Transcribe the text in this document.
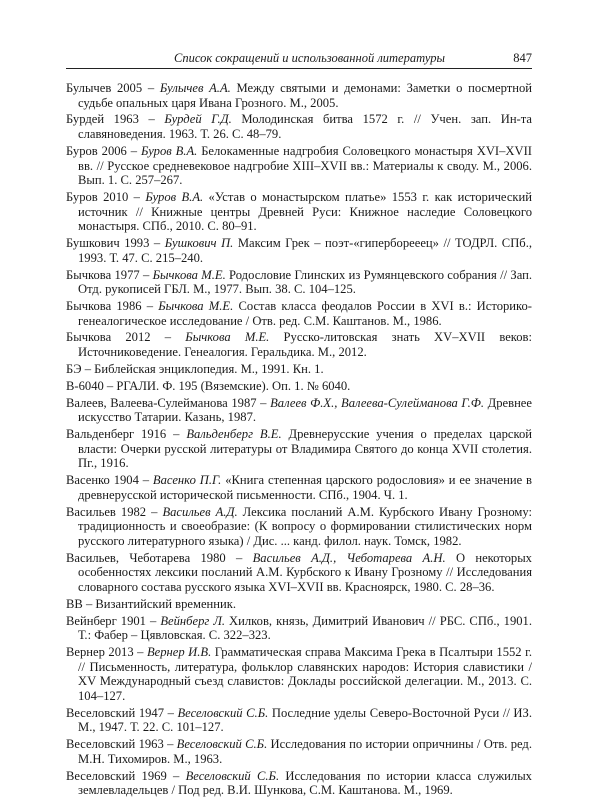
Список сокращений и использованной литературы	847

Булычев 2005 – Булычев А.А. Между святыми и демонами: Заметки о посмертной судьбе опальных царя Ивана Грозного. М., 2005.

Бурдей 1963 – Бурдей Г.Д. Молодинская битва 1572 г. // Учен. зап. Ин-та славяноведения. 1963. Т. 26. С. 48–79.

Буров 2006 – Буров В.А. Белокаменные надгробия Соловецкого монастыря XVI–XVII вв. // Русское средневековое надгробие XIII–XVII вв.: Материалы к своду. М., 2006. Вып. 1. С. 257–267.

Буров 2010 – Буров В.А. «Устав о монастырском платье» 1553 г. как исторический источник // Книжные центры Древней Руси: Книжное наследие Соловецкого монастыря. СПб., 2010. С. 80–91.

Бушкович 1993 – Бушкович П. Максим Грек – поэт-«гиперборееец» // ТОДРЛ. СПб., 1993. Т. 47. С. 215–240.

Бычкова 1977 – Бычкова М.Е. Родословие Глинских из Румянцевского собрания // Зап. Отд. рукописей ГБЛ. М., 1977. Вып. 38. С. 104–125.

Бычкова 1986 – Бычкова М.Е. Состав класса феодалов России в XVI в.: Историко-генеалогическое исследование / Отв. ред. С.М. Каштанов. М., 1986.

Бычкова 2012 – Бычкова М.Е. Русско-литовская знать XV–XVII веков: Источниковедение. Генеалогия. Геральдика. М., 2012.

БЭ – Библейская энциклопедия. М., 1991. Кн. 1.

В-6040 – РГАЛИ. Ф. 195 (Вяземские). Оп. 1. № 6040.

Валеев, Валеева-Сулейманова 1987 – Валеев Ф.Х., Валеева-Сулейманова Г.Ф. Древнее искусство Татарии. Казань, 1987.

Вальденберг 1916 – Вальденберг В.Е. Древнерусские учения о пределах царской власти: Очерки русской литературы от Владимира Святого до конца XVII столетия. Пг., 1916.

Васенко 1904 – Васенко П.Г. «Книга степенная царского родословия» и ее значение в древнерусской исторической письменности. СПб., 1904. Ч. 1.

Васильев 1982 – Васильев А.Д. Лексика посланий А.М. Курбского Ивану Грозному: традиционность и своеобразие: (К вопросу о формировании стилистических норм русского литературного языка) / Дис. ... канд. филол. наук. Томск, 1982.

Васильев, Чеботарева 1980 – Васильев А.Д., Чеботарева А.Н. О некоторых особенностях лексики посланий А.М. Курбского к Ивану Грозному // Исследования словарного состава русского языка XVI–XVII вв. Красноярск, 1980. С. 28–36.

ВВ – Византийский временник.

Вейнберг 1901 – Вейнберг Л. Хилков, князь, Димитрий Иванович // РБС. СПб., 1901. Т.: Фабер – Цявловская. С. 322–323.

Вернер 2013 – Вернер И.В. Грамматическая справа Максима Грека в Псалтыри 1552 г. // Письменность, литература, фольклор славянских народов: История славистики / XV Международный съезд славистов: Доклады российской делегации. М., 2013. С. 104–127.

Веселовский 1947 – Веселовский С.Б. Последние уделы Северо-Восточной Руси // ИЗ. М., 1947. Т. 22. С. 101–127.

Веселовский 1963 – Веселовский С.Б. Исследования по истории опричнины / Отв. ред. М.Н. Тихомиров. М., 1963.

Веселовский 1969 – Веселовский С.Б. Исследования по истории класса служилых землевладельцев / Под ред. В.И. Шункова, С.М. Каштанова. М., 1969.
